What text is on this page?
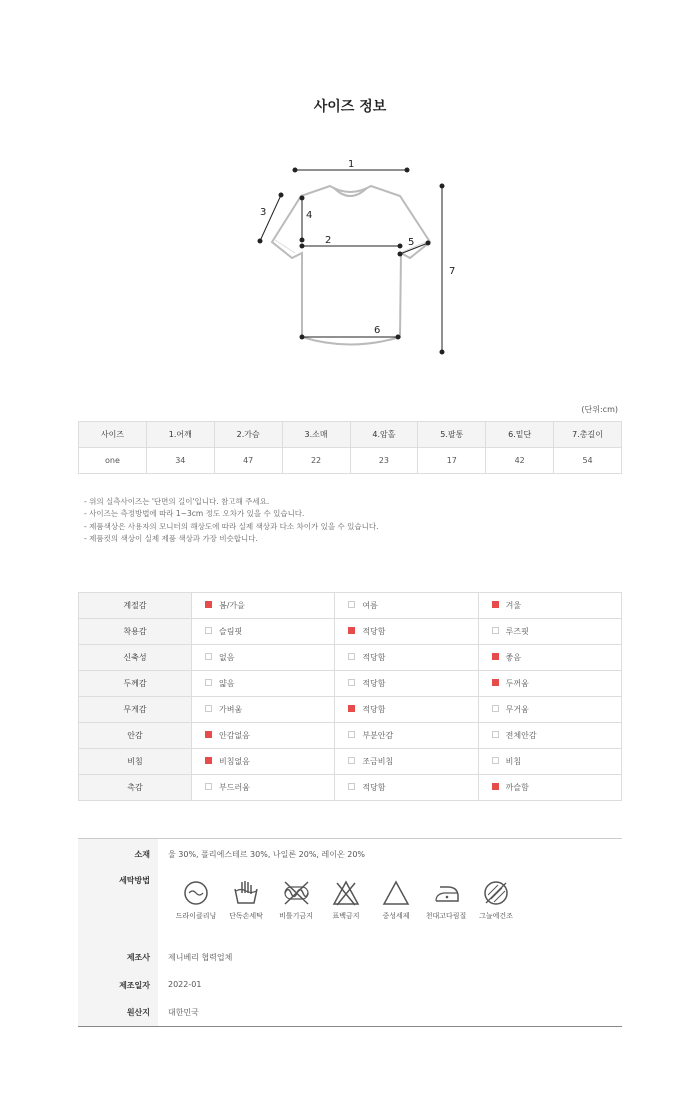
사이즈 정보
1
2
3	4
5
6
7
(단위:cm)
사이즈	1.어깨	2.가슴	3.소매	4.암홀	5.팔통	6.밑단	7.총길이
one	34	47	22	23	17	42	54
- 위의 실측사이즈는 '단면의 길이'입니다. 참고해 주세요.
- 사이즈는 측정방법에 따라 1~3cm 정도 오차가 있을 수 있습니다.
- 제품색상은 사용자의 모니터의 해상도에 따라 실제 색상과 다소 차이가 있을 수 있습니다.
- 제품컷의 색상이 실제 제품 색상과 가장 비슷합니다.
계절감	봄/가을	여름	겨울
착용감	슬림핏	적당함	루즈핏
신축성	없음	적당함	좋음
두께감	얇음	적당함	두꺼움
무게감	가벼움	적당함	무거움
안감	안감없음	부분안감	전체안감
비침	비침없음	조금비침	비침
촉감	부드러움	적당함	까슬함
소재 울 30%, 폴리에스테르 30%, 나일론 20%, 레이온 20%
세탁방법
드라이클리닝	단독손세탁	비틀기금지	표백금지	중성세제	천대고다림질	그늘에건조
제조사 제니베리 협력업체
제조일자 2022-01
원산지 대한민국
